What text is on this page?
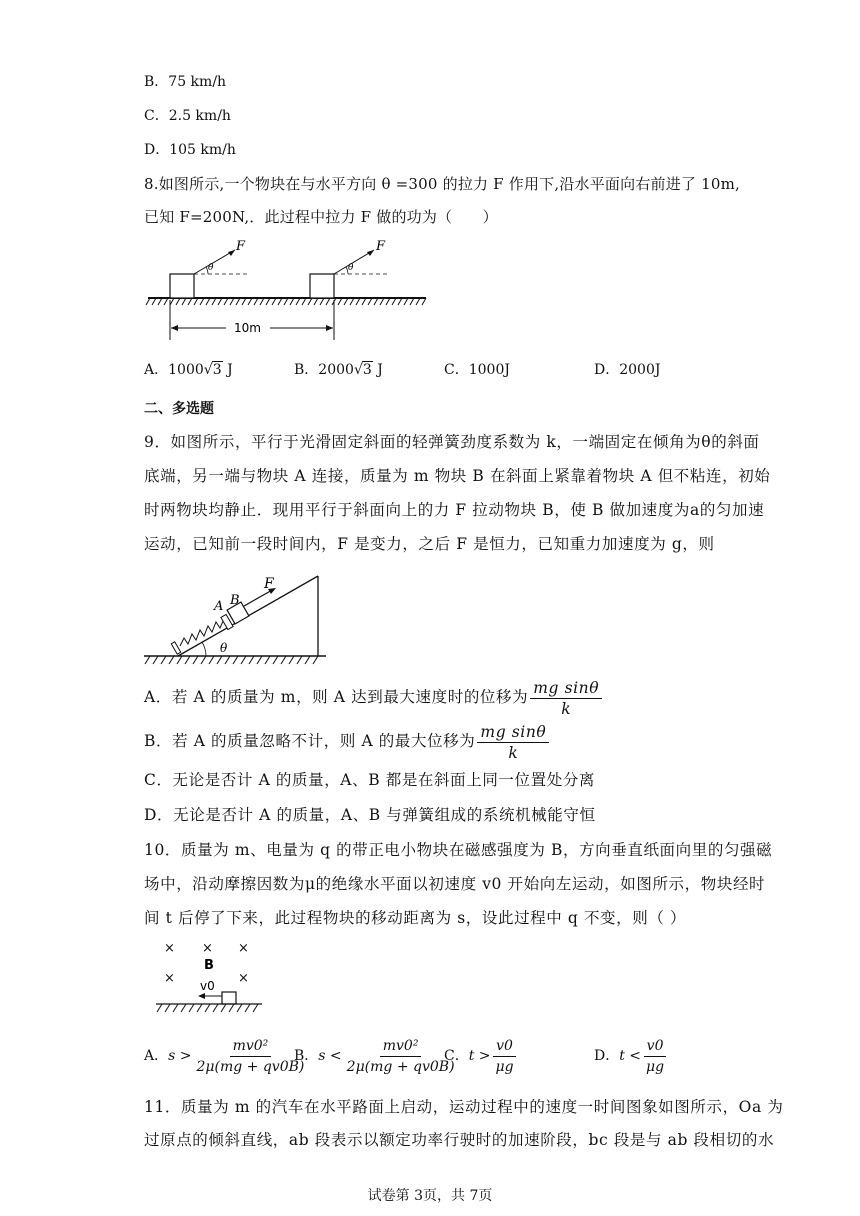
B．75 km/h
C．2.5 km/h
D．105 km/h
8.如图所示,一个物块在与水平方向 θ =300 的拉力 F 作用下,沿水平面向右前进了 10m,
已知 F=200N,．此过程中拉力 F 做的功为（　　）
θ
F
θ
F
10m
A．1000√3 J	B．2000√3 J	C．1000J	D．2000J
二、多选题
9．如图所示，平行于光滑固定斜面的轻弹簧劲度系数为 k，一端固定在倾角为θ的斜面
底端，另一端与物块 A 连接，质量为 m 物块 B 在斜面上紧靠着物块 A 但不粘连，初始
时两物块均静止．现用平行于斜面向上的力 F 拉动物块 B，使 B 做加速度为a的匀加速
运动，已知前一段时间内，F 是变力，之后 F 是恒力，已知重力加速度为 g，则
F
A B
θ
A．若 A 的质量为 m，则 A 达到最大速度时的位移为 $\frac{\text{mg sinθ}}{k}$
B．若 A 的质量忽略不计，则 A 的最大位移为 $\frac{\text{mg sinθ}}{k}$
C．无论是否计 A 的质量，A、B 都是在斜面上同一位置处分离
D．无论是否计 A 的质量，A、B 与弹簧组成的系统机械能守恒
10．质量为 m、电量为 q 的带正电小物块在磁感强度为 B，方向垂直纸面向里的匀强磁
场中，沿动摩擦因数为μ的绝缘水平面以初速度 v0 开始向左运动，如图所示，物块经时
间 t 后停了下来，此过程物块的移动距离为 s，设此过程中 q 不变，则（ ）
× × ×
×	×
B
v0
A．$s > \frac{\text{mv0²}}{2\mu(mg + qv0B)}$
B．$s < \frac{\text{mv0²}}{2\mu(mg + qv0B)}$
C．$t > \frac{v0}{\mu g}$	D．$t < \frac{v0}{\mu g}$
11．质量为 m 的汽车在水平路面上启动，运动过程中的速度一时间图象如图所示，Oa 为
过原点的倾斜直线，ab 段表示以额定功率行驶时的加速阶段，bc 段是与 ab 段相切的水
试卷第 3页，共 7页
